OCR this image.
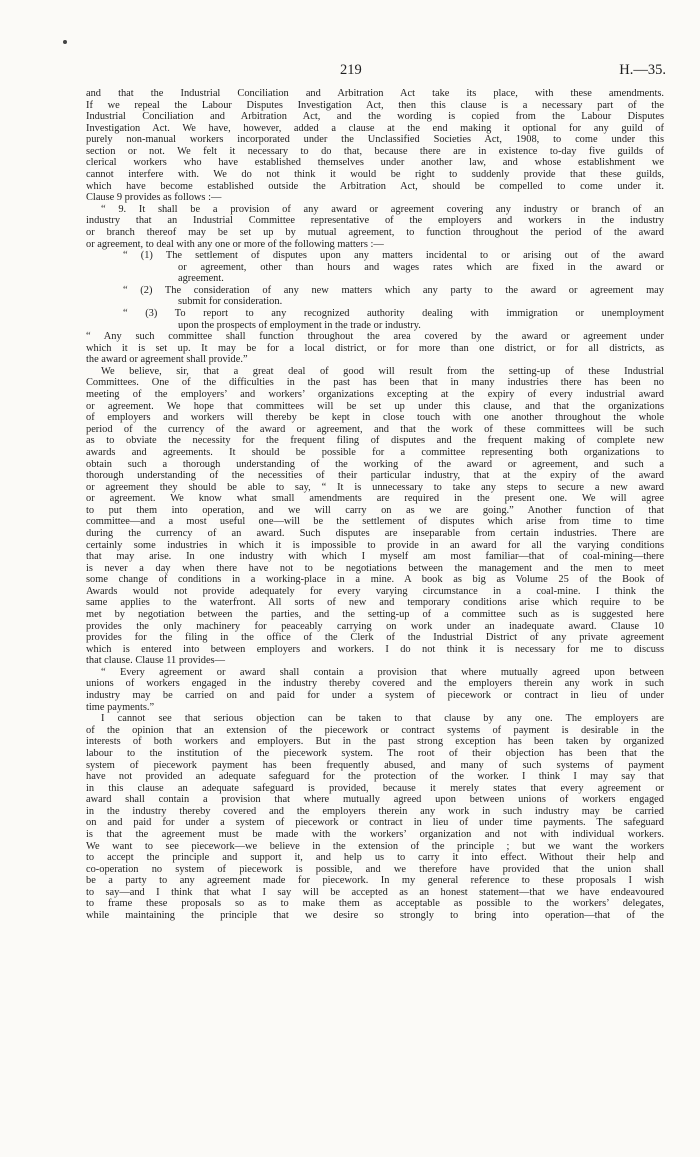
219	H.—35.
and that the Industrial Conciliation and Arbitration Act take its place, with these amendments.
If we repeal the Labour Disputes Investigation Act, then this clause is a necessary part of the
Industrial Conciliation and Arbitration Act, and the wording is copied from the Labour Disputes
Investigation Act. We have, however, added a clause at the end making it optional for any guild of
purely non-manual workers incorporated under the Unclassified Societies Act, 1908, to come under this
section or not. We felt it necessary to do that, because there are in existence to-day five guilds of
clerical workers who have established themselves under another law, and whose establishment we
cannot interfere with. We do not think it would be right to suddenly provide that these guilds,
which have become established outside the Arbitration Act, should be compelled to come under it.
Clause 9 provides as follows :—
“ 9. It shall be a provision of any award or agreement covering any industry or branch of an
industry that an Industrial Committee representative of the employers and workers in the industry
or branch thereof may be set up by mutual agreement, to function throughout the period of the award
or agreement, to deal with any one or more of the following matters :—
“ (1) The settlement of disputes upon any matters incidental to or arising out of the award
or agreement, other than hours and wages rates which are fixed in the award or
agreement.
“ (2) The consideration of any new matters which any party to the award or agreement may
submit for consideration.
“ (3) To report to any recognized authority dealing with immigration or unemployment
upon the prospects of employment in the trade or industry.
“ Any such committee shall function throughout the area covered by the award or agreement under
which it is set up. It may be for a local district, or for more than one district, or for all districts, as
the award or agreement shall provide.”
We believe, sir, that a great deal of good will result from the setting-up of these Industrial
Committees. One of the difficulties in the past has been that in many industries there has been no
meeting of the employers’ and workers’ organizations excepting at the expiry of every industrial award
or agreement. We hope that committees will be set up under this clause, and that the organizations
of employers and workers will thereby be kept in close touch with one another throughout the whole
period of the currency of the award or agreement, and that the work of these committees will be such
as to obviate the necessity for the frequent filing of disputes and the frequent making of complete new
awards and agreements. It should be possible for a committee representing both organizations to
obtain such a thorough understanding of the working of the award or agreement, and such a
thorough understanding of the necessities of their particular industry, that at the expiry of the award
or agreement they should be able to say, “ It is unnecessary to take any steps to secure a new award
or agreement. We know what small amendments are required in the present one. We will agree
to put them into operation, and we will carry on as we are going.” Another function of that
committee—and a most useful one—will be the settlement of disputes which arise from time to time
during the currency of an award. Such disputes are inseparable from certain industries. There are
certainly some industries in which it is impossible to provide in an award for all the varying conditions
that may arise. In one industry with which I myself am most familiar—that of coal-mining—there
is never a day when there have not to be negotiations between the management and the men to meet
some change of conditions in a working-place in a mine. A book as big as Volume 25 of the Book of
Awards would not provide adequately for every varying circumstance in a coal-mine. I think the
same applies to the waterfront. All sorts of new and temporary conditions arise which require to be
met by negotiation between the parties, and the setting-up of a committee such as is suggested here
provides the only machinery for peaceably carrying on work under an inadequate award. Clause 10
provides for the filing in the office of the Clerk of the Industrial District of any private agreement
which is entered into between employers and workers. I do not think it is necessary for me to discuss
that clause. Clause 11 provides—
“ Every agreement or award shall contain a provision that where mutually agreed upon between
unions of workers engaged in the industry thereby covered and the employers therein any work in such
industry may be carried on and paid for under a system of piecework or contract in lieu of under
time payments.”
I cannot see that serious objection can be taken to that clause by any one. The employers are
of the opinion that an extension of the piecework or contract systems of payment is desirable in the
interests of both workers and employers. But in the past strong exception has been taken by organized
labour to the institution of the piecework system. The root of their objection has been that the
system of piecework payment has been frequently abused, and many of such systems of payment
have not provided an adequate safeguard for the protection of the worker. I think I may say that
in this clause an adequate safeguard is provided, because it merely states that every agreement or
award shall contain a provision that where mutually agreed upon between unions of workers engaged
in the industry thereby covered and the employers therein any work in such industry may be carried
on and paid for under a system of piecework or contract in lieu of under time payments. The safeguard
is that the agreement must be made with the workers’ organization and not with individual workers.
We want to see piecework—we believe in the extension of the principle ; but we want the workers
to accept the principle and support it, and help us to carry it into effect. Without their help and
co-operation no system of piecework is possible, and we therefore have provided that the union shall
be a party to any agreement made for piecework. In my general reference to these proposals I wish
to say—and I think that what I say will be accepted as an honest statement—that we have endeavoured
to frame these proposals so as to make them as acceptable as possible to the workers’ delegates,
while maintaining the principle that we desire so strongly to bring into operation—that of the
